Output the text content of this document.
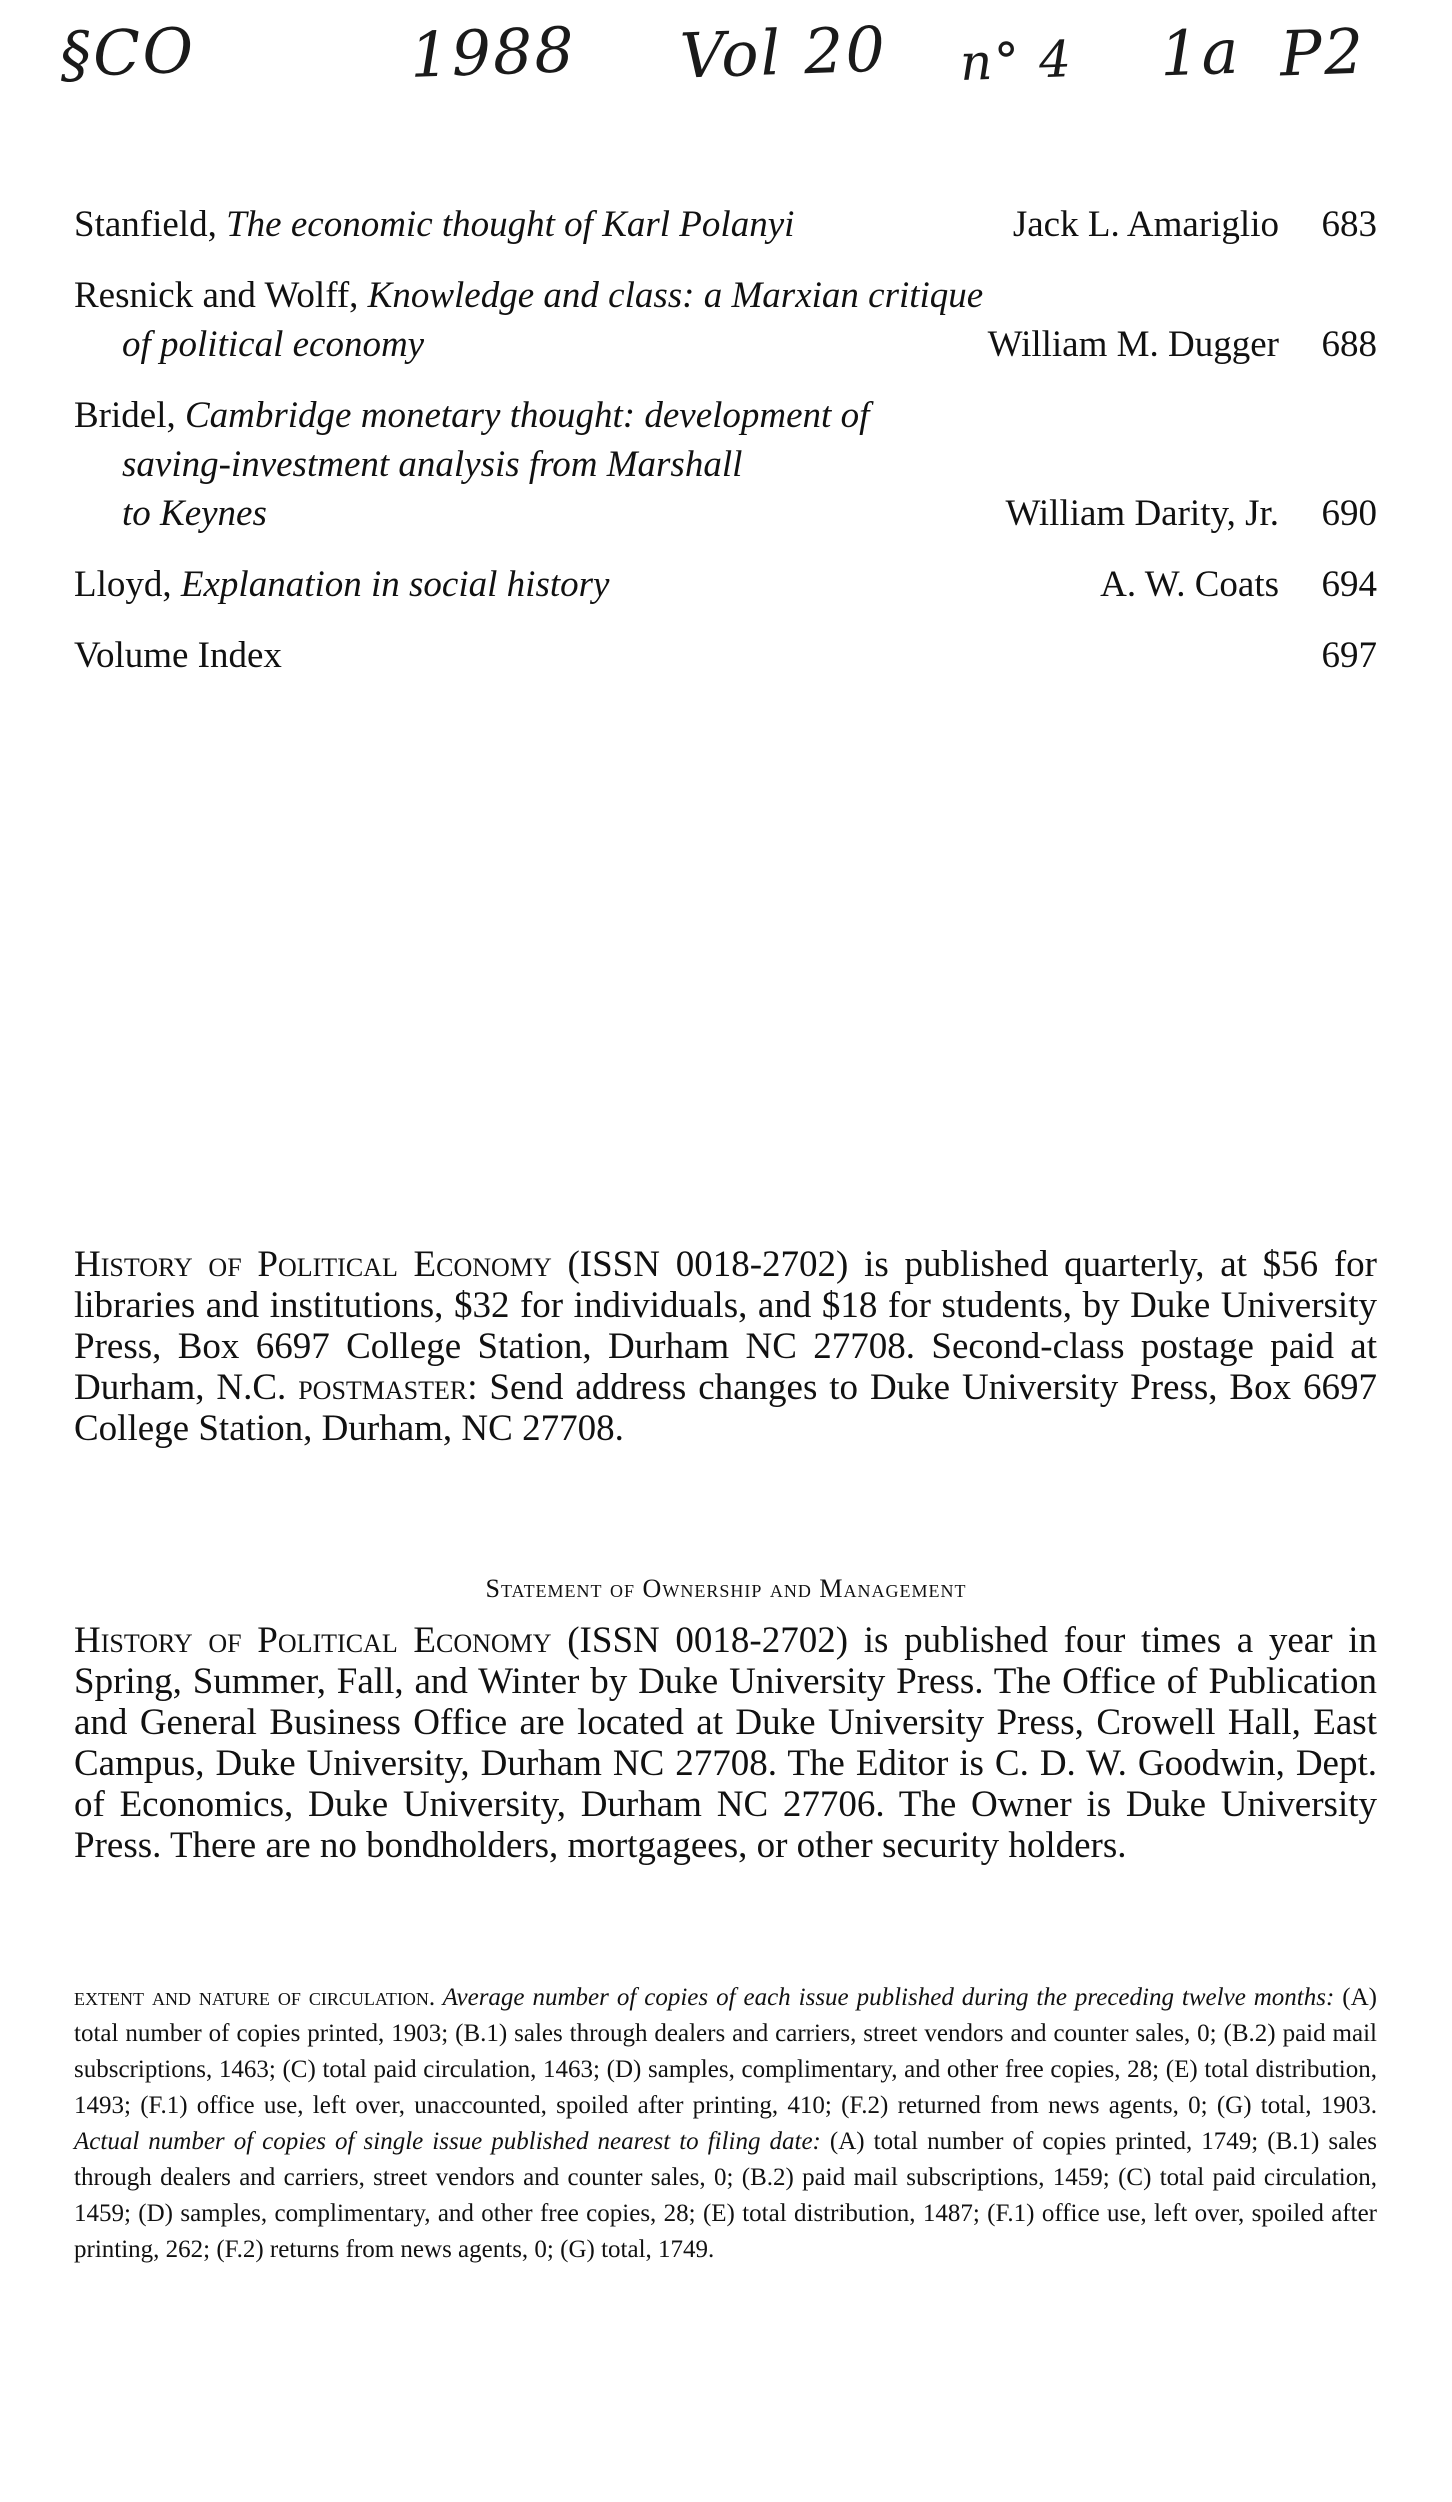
§CO	1988 Vol 20 n° 4 1a P2
Stanfield, The economic thought of Karl Polanyi	Jack L. Amariglio 683
Resnick and Wolff, Knowledge and class: a Marxian critique
of political economy	William M. Dugger 688
Bridel, Cambridge monetary thought: development of
saving-investment analysis from Marshall
to Keynes	William Darity, Jr. 690
Lloyd, Explanation in social history	A. W. Coats 694
Volume Index	697

History of Political Economy (ISSN 0018-2702) is published quarterly, at $56 for libraries and institutions, $32 for individuals, and $18 for students, by Duke University Press, Box 6697 College Station, Durham NC 27708. Second-class postage paid at Durham, N.C. postmaster: Send address changes to Duke University Press, Box 6697 College Station, Durham, NC 27708.

Statement of Ownership and Management

History of Political Economy (ISSN 0018-2702) is published four times a year in Spring, Summer, Fall, and Winter by Duke University Press. The Office of Publication and General Business Office are located at Duke University Press, Crowell Hall, East Campus, Duke University, Durham NC 27708. The Editor is C. D. W. Goodwin, Dept. of Economics, Duke University, Durham NC 27706. The Owner is Duke University Press. There are no bondholders, mortgagees, or other security holders.

extent and nature of circulation. Average number of copies of each issue published during the preceding twelve months: (A) total number of copies printed, 1903; (B.1) sales through dealers and carriers, street vendors and counter sales, 0; (B.2) paid mail subscriptions, 1463; (C) total paid circulation, 1463; (D) samples, complimentary, and other free copies, 28; (E) total distribution, 1493; (F.1) office use, left over, unaccounted, spoiled after printing, 410; (F.2) returned from news agents, 0; (G) total, 1903. Actual number of copies of single issue published nearest to filing date: (A) total number of copies printed, 1749; (B.1) sales through dealers and carriers, street vendors and counter sales, 0; (B.2) paid mail subscriptions, 1459; (C) total paid circulation, 1459; (D) samples, complimentary, and other free copies, 28; (E) total distribution, 1487; (F.1) office use, left over, spoiled after printing, 262; (F.2) returns from news agents, 0; (G) total, 1749.
